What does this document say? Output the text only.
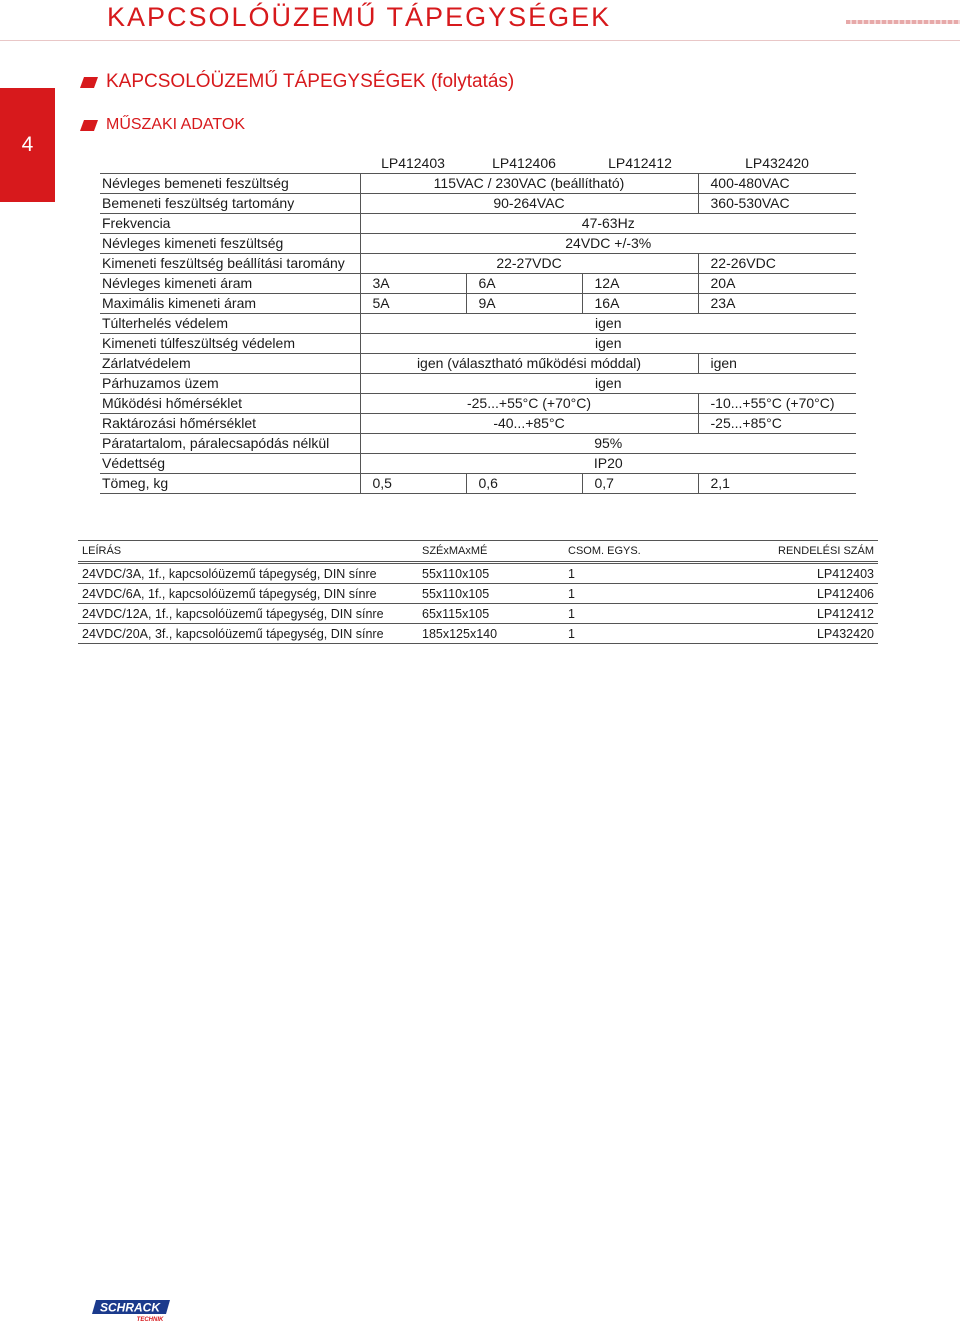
KAPCSOLÓÜZEMŰ TÁPEGYSÉGEK
4
KAPCSOLÓÜZEMŰ TÁPEGYSÉGEK (folytatás)
MŰSZAKI ADATOK
	LP412403	LP412406	LP412412	LP432420
Névleges bemeneti feszültség	115VAC / 230VAC (beállítható)			400-480VAC
Bemeneti feszültség tartomány	90-264VAC			360-530VAC
Frekvencia	47-63Hz			
Névleges kimeneti feszültség	24VDC +/-3%			
Kimeneti feszültség beállítási taromány	22-27VDC			22-26VDC
Névleges kimeneti áram	3A	6A	12A	20A
Maximális kimeneti áram	5A	9A	16A	23A
Túlterhelés védelem	igen			
Kimeneti túlfeszültség védelem	igen			
Zárlatvédelem	igen (választható működési móddal)			igen
Párhuzamos üzem	igen			
Működési hőmérséklet	-25...+55°C (+70°C)			-10...+55°C (+70°C)
Raktározási hőmérséklet	-40...+85°C			-25...+85°C
Páratartalom, páralecsapódás nélkül	95%			
Védettség	IP20			
Tömeg, kg	0,5	0,6	0,7	2,1
LEÍRÁS	SZÉxMAxMÉ	CSOM. EGYS.	RENDELÉSI SZÁM
24VDC/3A, 1f., kapcsolóüzemű tápegység, DIN sínre	55x110x105	1	LP412403
24VDC/6A, 1f., kapcsolóüzemű tápegység, DIN sínre	55x110x105	1	LP412406
24VDC/12A, 1f., kapcsolóüzemű tápegység, DIN sínre	65x115x105	1	LP412412
24VDC/20A, 3f., kapcsolóüzemű tápegység, DIN sínre	185x125x140	1	LP432420
SCHRACK
TECHNIK
